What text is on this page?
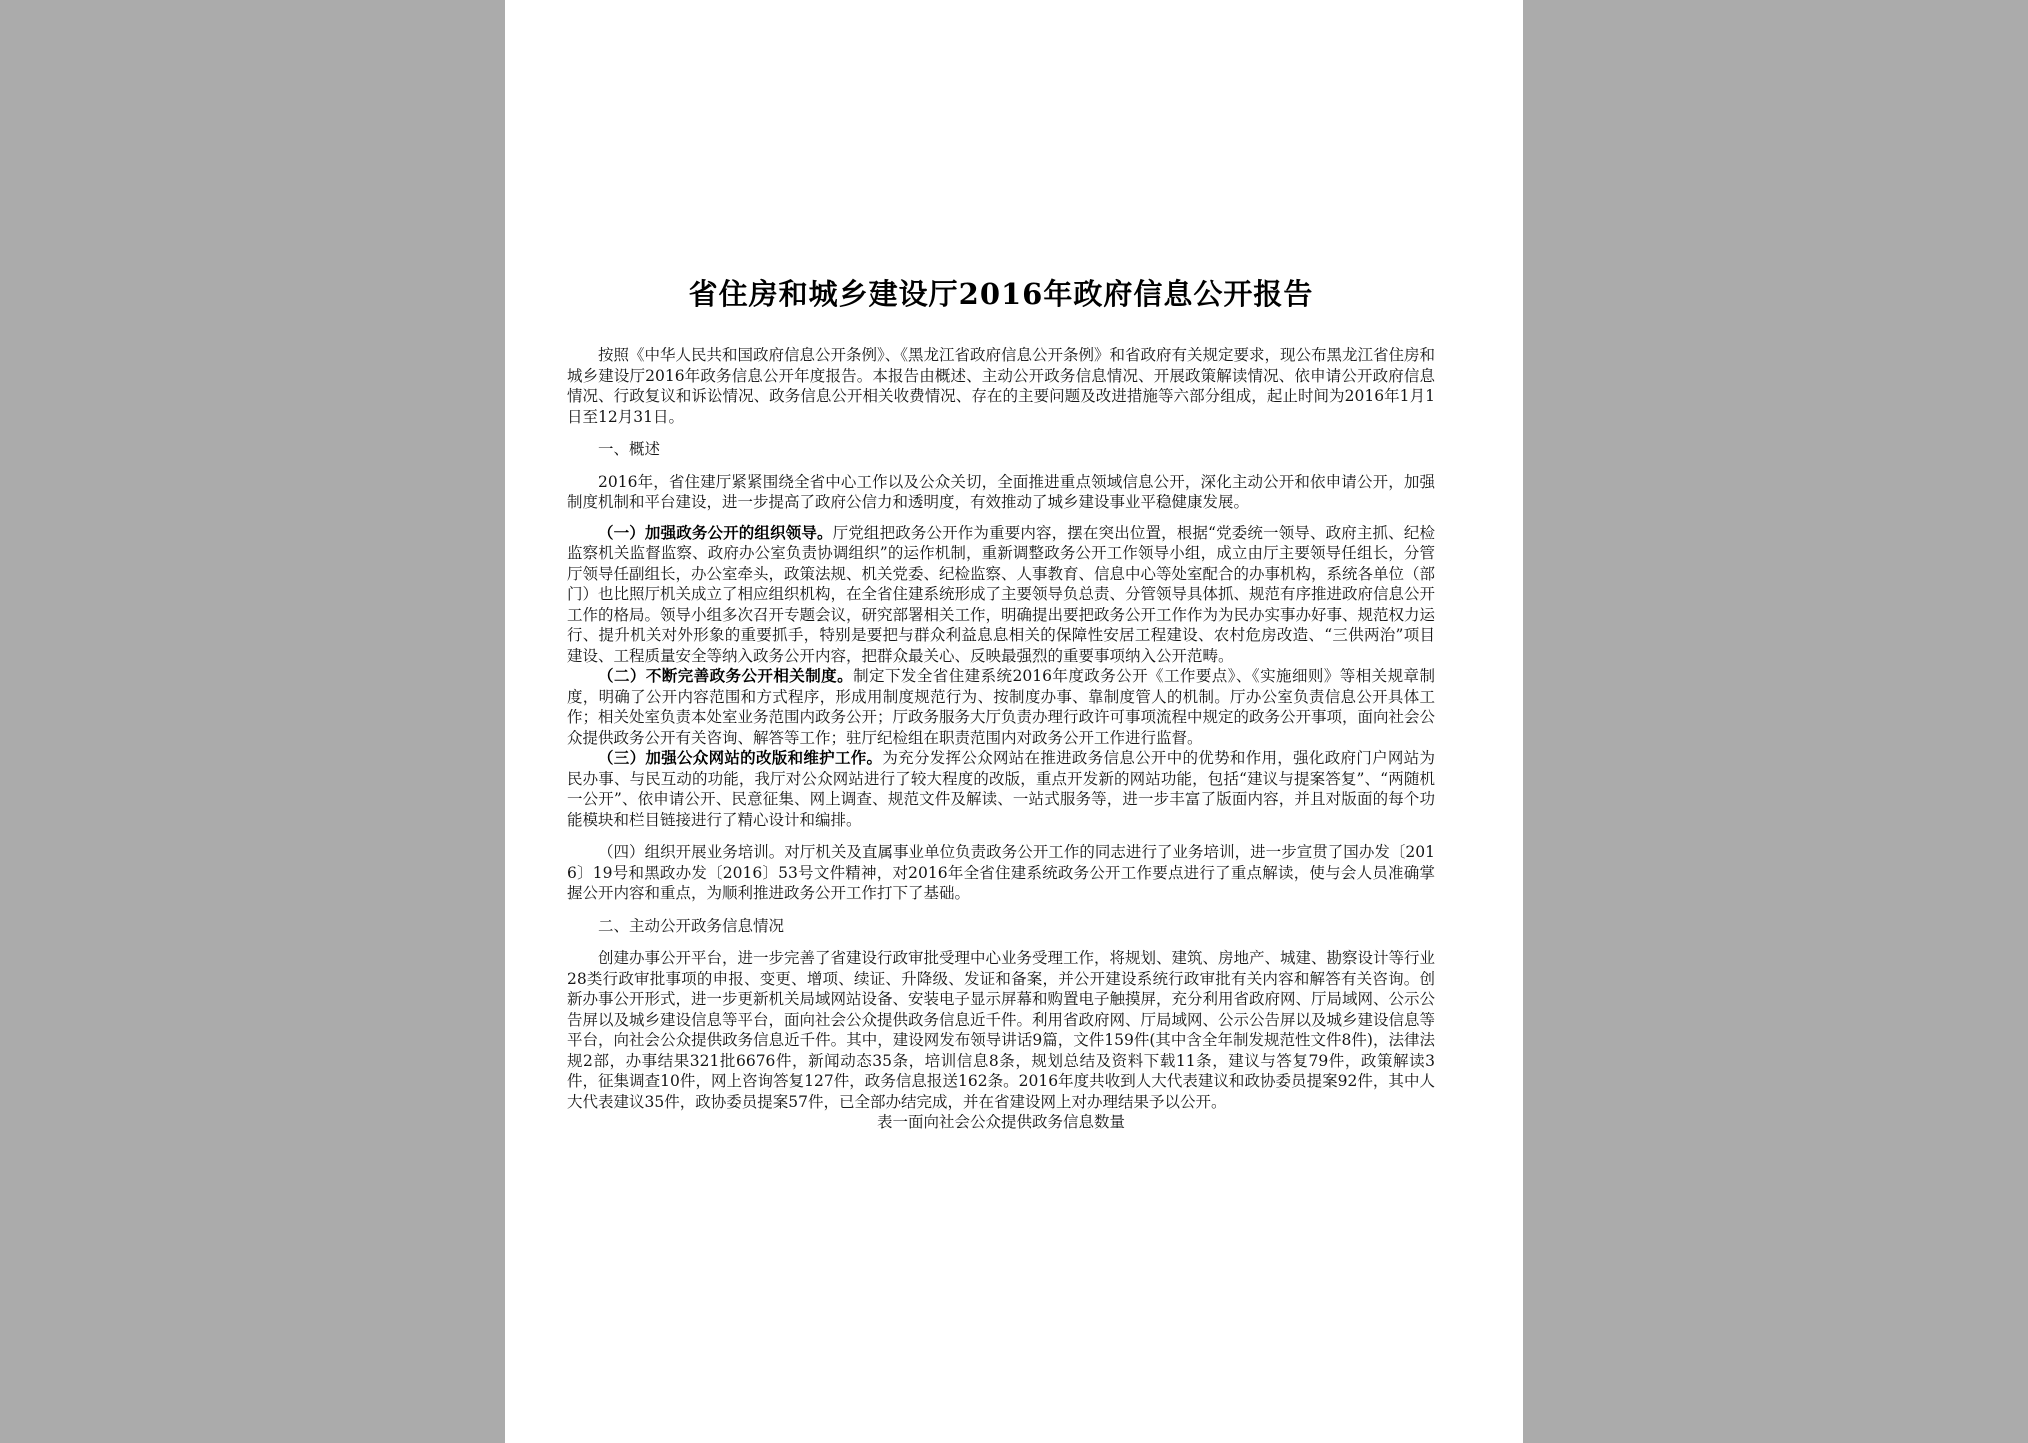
省住房和城乡建设厅2016年政府信息公开报告

按照《中华人民共和国政府信息公开条例》、《黑龙江省政府信息公开条例》和省政府有关规定要求，现公布黑龙江省住房和城乡建设厅2016年政务信息公开年度报告。本报告由概述、主动公开政务信息情况、开展政策解读情况、依申请公开政府信息情况、行政复议和诉讼情况、政务信息公开相关收费情况、存在的主要问题及改进措施等六部分组成，起止时间为2016年1月1日至12月31日。

一、概述

2016年，省住建厅紧紧围绕全省中心工作以及公众关切，全面推进重点领域信息公开，深化主动公开和依申请公开，加强制度机制和平台建设，进一步提高了政府公信力和透明度，有效推动了城乡建设事业平稳健康发展。

（一）加强政务公开的组织领导。厅党组把政务公开作为重要内容，摆在突出位置，根据“党委统一领导、政府主抓、纪检监察机关监督监察、政府办公室负责协调组织”的运作机制，重新调整政务公开工作领导小组，成立由厅主要领导任组长，分管厅领导任副组长，办公室牵头，政策法规、机关党委、纪检监察、人事教育、信息中心等处室配合的办事机构，系统各单位（部门）也比照厅机关成立了相应组织机构，在全省住建系统形成了主要领导负总责、分管领导具体抓、规范有序推进政府信息公开工作的格局。领导小组多次召开专题会议，研究部署相关工作，明确提出要把政务公开工作作为为民办实事办好事、规范权力运行、提升机关对外形象的重要抓手，特别是要把与群众利益息息相关的保障性安居工程建设、农村危房改造、“三供两治”项目建设、工程质量安全等纳入政务公开内容，把群众最关心、反映最强烈的重要事项纳入公开范畴。

（二）不断完善政务公开相关制度。制定下发全省住建系统2016年度政务公开《工作要点》、《实施细则》等相关规章制度，明确了公开内容范围和方式程序，形成用制度规范行为、按制度办事、靠制度管人的机制。厅办公室负责信息公开具体工作；相关处室负责本处室业务范围内政务公开；厅政务服务大厅负责办理行政许可事项流程中规定的政务公开事项，面向社会公众提供政务公开有关咨询、解答等工作；驻厅纪检组在职责范围内对政务公开工作进行监督。

（三）加强公众网站的改版和维护工作。为充分发挥公众网站在推进政务信息公开中的优势和作用，强化政府门户网站为民办事、与民互动的功能，我厅对公众网站进行了较大程度的改版，重点开发新的网站功能，包括“建议与提案答复”、“两随机一公开”、依申请公开、民意征集、网上调查、规范文件及解读、一站式服务等，进一步丰富了版面内容，并且对版面的每个功能模块和栏目链接进行了精心设计和编排。

（四）组织开展业务培训。对厅机关及直属事业单位负责政务公开工作的同志进行了业务培训，进一步宣贯了国办发〔2016〕19号和黑政办发〔2016〕53号文件精神，对2016年全省住建系统政务公开工作要点进行了重点解读，使与会人员准确掌握公开内容和重点，为顺利推进政务公开工作打下了基础。

二、主动公开政务信息情况

创建办事公开平台，进一步完善了省建设行政审批受理中心业务受理工作，将规划、建筑、房地产、城建、勘察设计等行业28类行政审批事项的申报、变更、增项、续证、升降级、发证和备案，并公开建设系统行政审批有关内容和解答有关咨询。创新办事公开形式，进一步更新机关局域网站设备、安装电子显示屏幕和购置电子触摸屏，充分利用省政府网、厅局域网、公示公告屏以及城乡建设信息等平台，面向社会公众提供政务信息近千件。利用省政府网、厅局域网、公示公告屏以及城乡建设信息等平台，向社会公众提供政务信息近千件。其中，建设网发布领导讲话9篇，文件159件(其中含全年制发规范性文件8件)，法律法规2部，办事结果321批6676件，新闻动态35条，培训信息8条，规划总结及资料下载11条，建议与答复79件，政策解读3件，征集调查10件，网上咨询答复127件，政务信息报送162条。2016年度共收到人大代表建议和政协委员提案92件，其中人大代表建议35件，政协委员提案57件，已全部办结完成，并在省建设网上对办理结果予以公开。

表一面向社会公众提供政务信息数量
